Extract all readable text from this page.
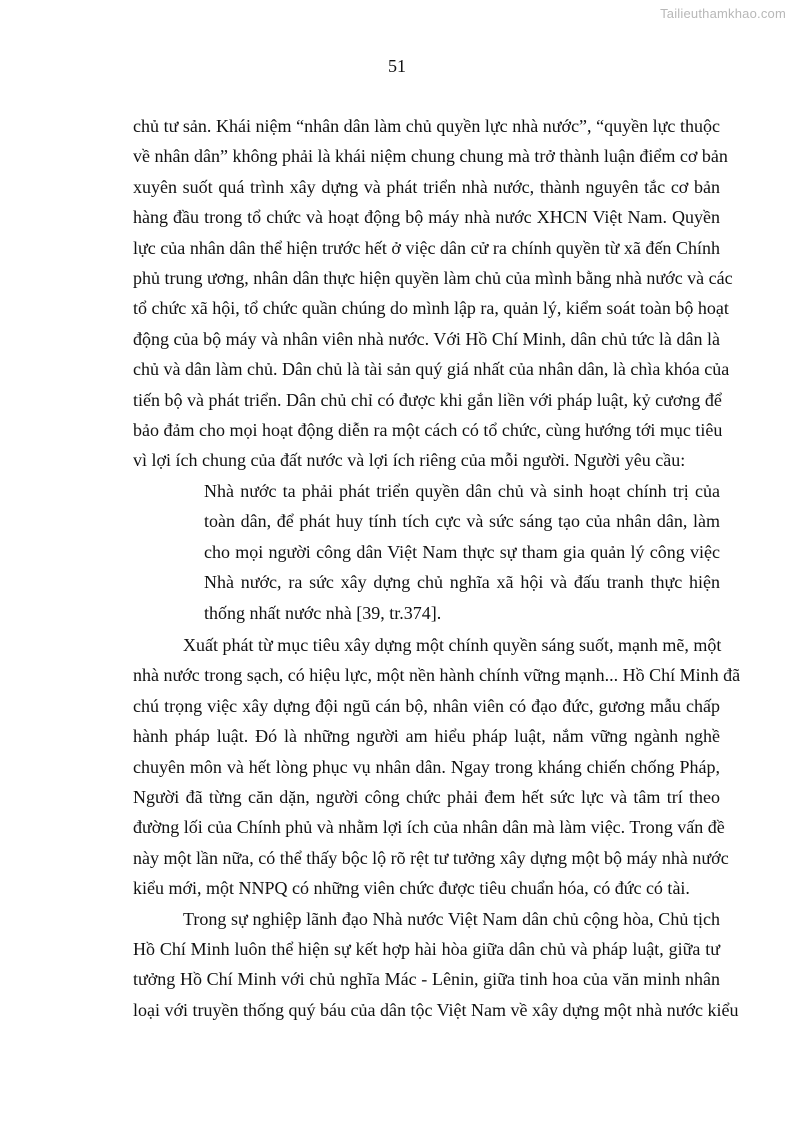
Tailieuthamkhao.com
51

chủ tư sản. Khái niệm “nhân dân làm chủ quyền lực nhà nước”, “quyền lực thuộc
về nhân dân” không phải là khái niệm chung chung mà trở thành luận điểm cơ bản
xuyên suốt quá trình xây dựng và phát triển nhà nước, thành nguyên tắc cơ bản
hàng đầu trong tổ chức và hoạt động bộ máy nhà nước XHCN Việt Nam. Quyền
lực của nhân dân thể hiện trước hết ở việc dân cử ra chính quyền từ xã đến Chính
phủ trung ương, nhân dân thực hiện quyền làm chủ của mình bằng nhà nước và các
tổ chức xã hội, tổ chức quần chúng do mình lập ra, quản lý, kiểm soát toàn bộ hoạt
động của bộ máy và nhân viên nhà nước. Với Hồ Chí Minh, dân chủ tức là dân là
chủ và dân làm chủ. Dân chủ là tài sản quý giá nhất của nhân dân, là chìa khóa của
tiến bộ và phát triển. Dân chủ chỉ có được khi gắn liền với pháp luật, kỷ cương để
bảo đảm cho mọi hoạt động diễn ra một cách có tổ chức, cùng hướng tới mục tiêu
vì lợi ích chung của đất nước và lợi ích riêng của mỗi người. Người yêu cầu:

Nhà nước ta phải phát triển quyền dân chủ và sinh hoạt chính trị của
toàn dân, để phát huy tính tích cực và sức sáng tạo của nhân dân, làm
cho mọi người công dân Việt Nam thực sự tham gia quản lý công việc
Nhà nước, ra sức xây dựng chủ nghĩa xã hội và đấu tranh thực hiện
thống nhất nước nhà [39, tr.374].

Xuất phát từ mục tiêu xây dựng một chính quyền sáng suốt, mạnh mẽ, một
nhà nước trong sạch, có hiệu lực, một nền hành chính vững mạnh... Hồ Chí Minh đã
chú trọng việc xây dựng đội ngũ cán bộ, nhân viên có đạo đức, gương mẫu chấp
hành pháp luật. Đó là những người am hiểu pháp luật, nắm vững ngành nghề
chuyên môn và hết lòng phục vụ nhân dân. Ngay trong kháng chiến chống Pháp,
Người đã từng căn dặn, người công chức phải đem hết sức lực và tâm trí theo
đường lối của Chính phủ và nhằm lợi ích của nhân dân mà làm việc. Trong vấn đề
này một lần nữa, có thể thấy bộc lộ rõ rệt tư tưởng xây dựng một bộ máy nhà nước
kiểu mới, một NNPQ có những viên chức được tiêu chuẩn hóa, có đức có tài.

Trong sự nghiệp lãnh đạo Nhà nước Việt Nam dân chủ cộng hòa, Chủ tịch
Hồ Chí Minh luôn thể hiện sự kết hợp hài hòa giữa dân chủ và pháp luật, giữa tư
tưởng Hồ Chí Minh với chủ nghĩa Mác - Lênin, giữa tinh hoa của văn minh nhân
loại với truyền thống quý báu của dân tộc Việt Nam về xây dựng một nhà nước kiểu
